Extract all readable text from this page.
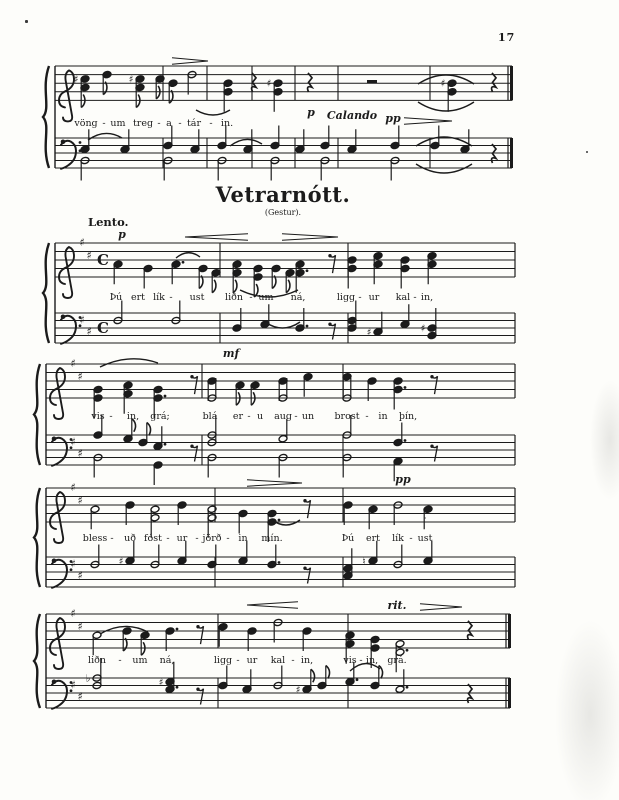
17
♯	♯	♯	♯
♯
♯
♯
♯
C
C	♯	♯
♯
♯
♯
♯
♯
♯
♯
♯
♯	♮
♯
♯
♯
♯
♭	♯
♯
Vetrarnótt.
(Gestur).
Lento.
vöng - um treg - a - tár - in.
p Calando pp
Þú ert lík - ust liðn - um ná,	ligg - ur kal - in,
p
vis - in, grá;	blá er - u aug - un brost - in þín,
mf
bless - uð fóst - ur - jörð - in mín.	Þú ert lík - ust
pp
liðn - um ná,	ligg - ur kal - in,	vis - in, grá.
rit.
